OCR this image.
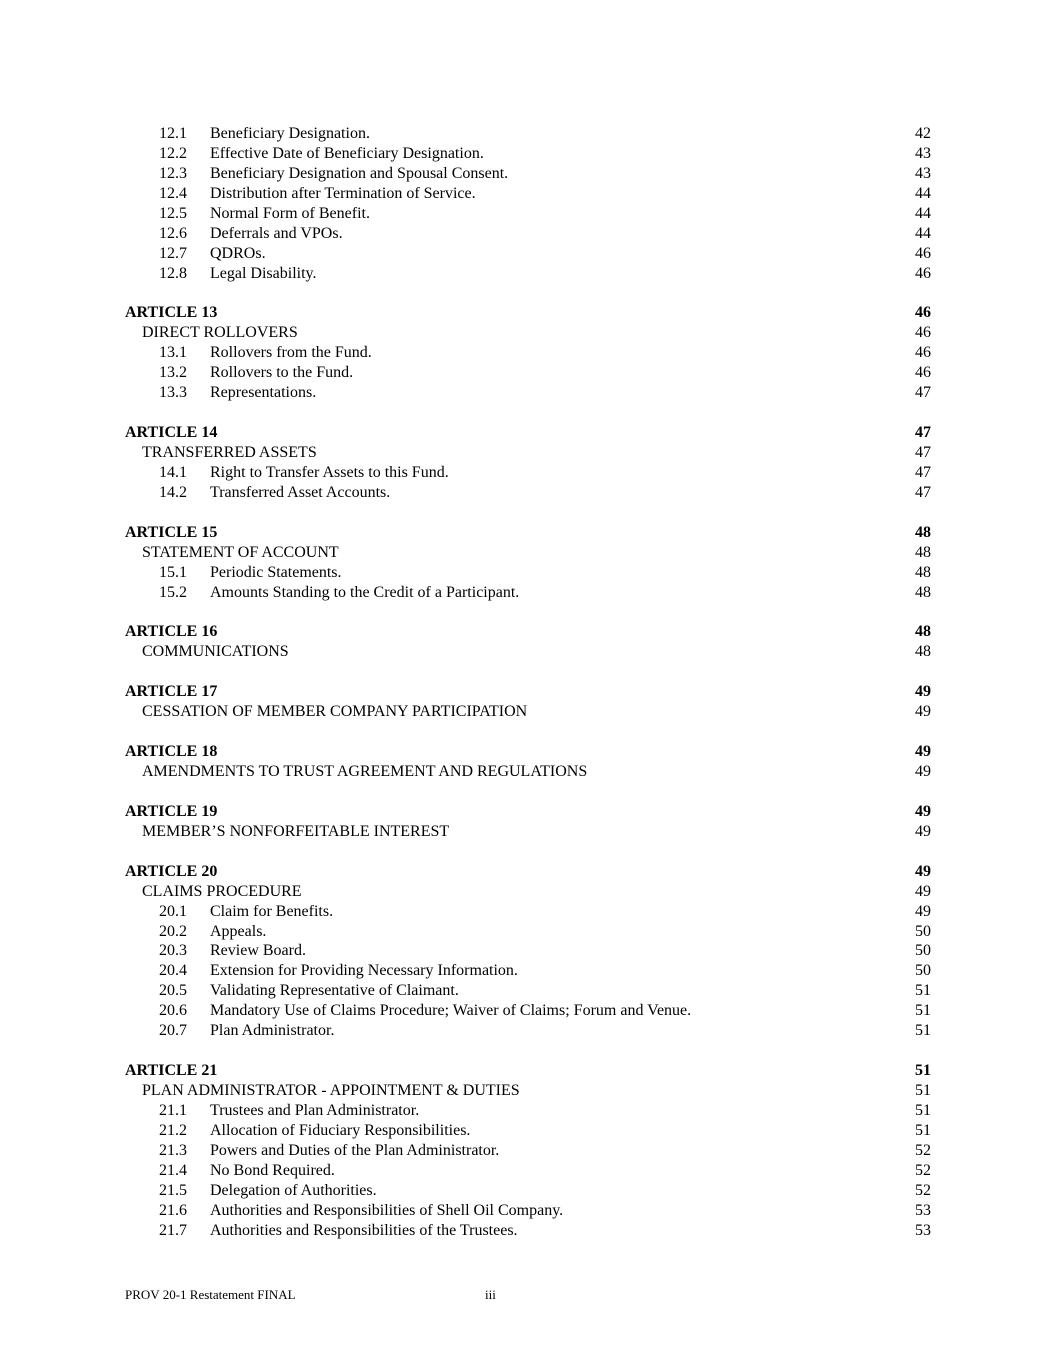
12.1 Beneficiary Designation.	42
12.2 Effective Date of Beneficiary Designation.	43
12.3 Beneficiary Designation and Spousal Consent.	43
12.4 Distribution after Termination of Service.	44
12.5 Normal Form of Benefit.	44
12.6 Deferrals and VPOs.	44
12.7 QDROs.	46
12.8 Legal Disability.	46
ARTICLE 13	46
DIRECT ROLLOVERS	46
13.1 Rollovers from the Fund.	46
13.2 Rollovers to the Fund.	46
13.3 Representations.	47
ARTICLE 14	47
TRANSFERRED ASSETS	47
14.1 Right to Transfer Assets to this Fund.	47
14.2 Transferred Asset Accounts.	47
ARTICLE 15	48
STATEMENT OF ACCOUNT	48
15.1 Periodic Statements.	48
15.2 Amounts Standing to the Credit of a Participant.	48
ARTICLE 16	48
COMMUNICATIONS	48
ARTICLE 17	49
CESSATION OF MEMBER COMPANY PARTICIPATION	49
ARTICLE 18	49
AMENDMENTS TO TRUST AGREEMENT AND REGULATIONS	49
ARTICLE 19	49
MEMBER’S NONFORFEITABLE INTEREST	49
ARTICLE 20	49
CLAIMS PROCEDURE	49
20.1 Claim for Benefits.	49
20.2 Appeals.	50
20.3 Review Board.	50
20.4 Extension for Providing Necessary Information.	50
20.5 Validating Representative of Claimant.	51
20.6 Mandatory Use of Claims Procedure; Waiver of Claims; Forum and Venue.	51
20.7 Plan Administrator.	51
ARTICLE 21	51
PLAN ADMINISTRATOR - APPOINTMENT & DUTIES	51
21.1 Trustees and Plan Administrator.	51
21.2 Allocation of Fiduciary Responsibilities.	51
21.3 Powers and Duties of the Plan Administrator.	52
21.4 No Bond Required.	52
21.5 Delegation of Authorities.	52
21.6 Authorities and Responsibilities of Shell Oil Company.	53
21.7 Authorities and Responsibilities of the Trustees.	53
PROV 20-1 Restatement FINAL	iii
